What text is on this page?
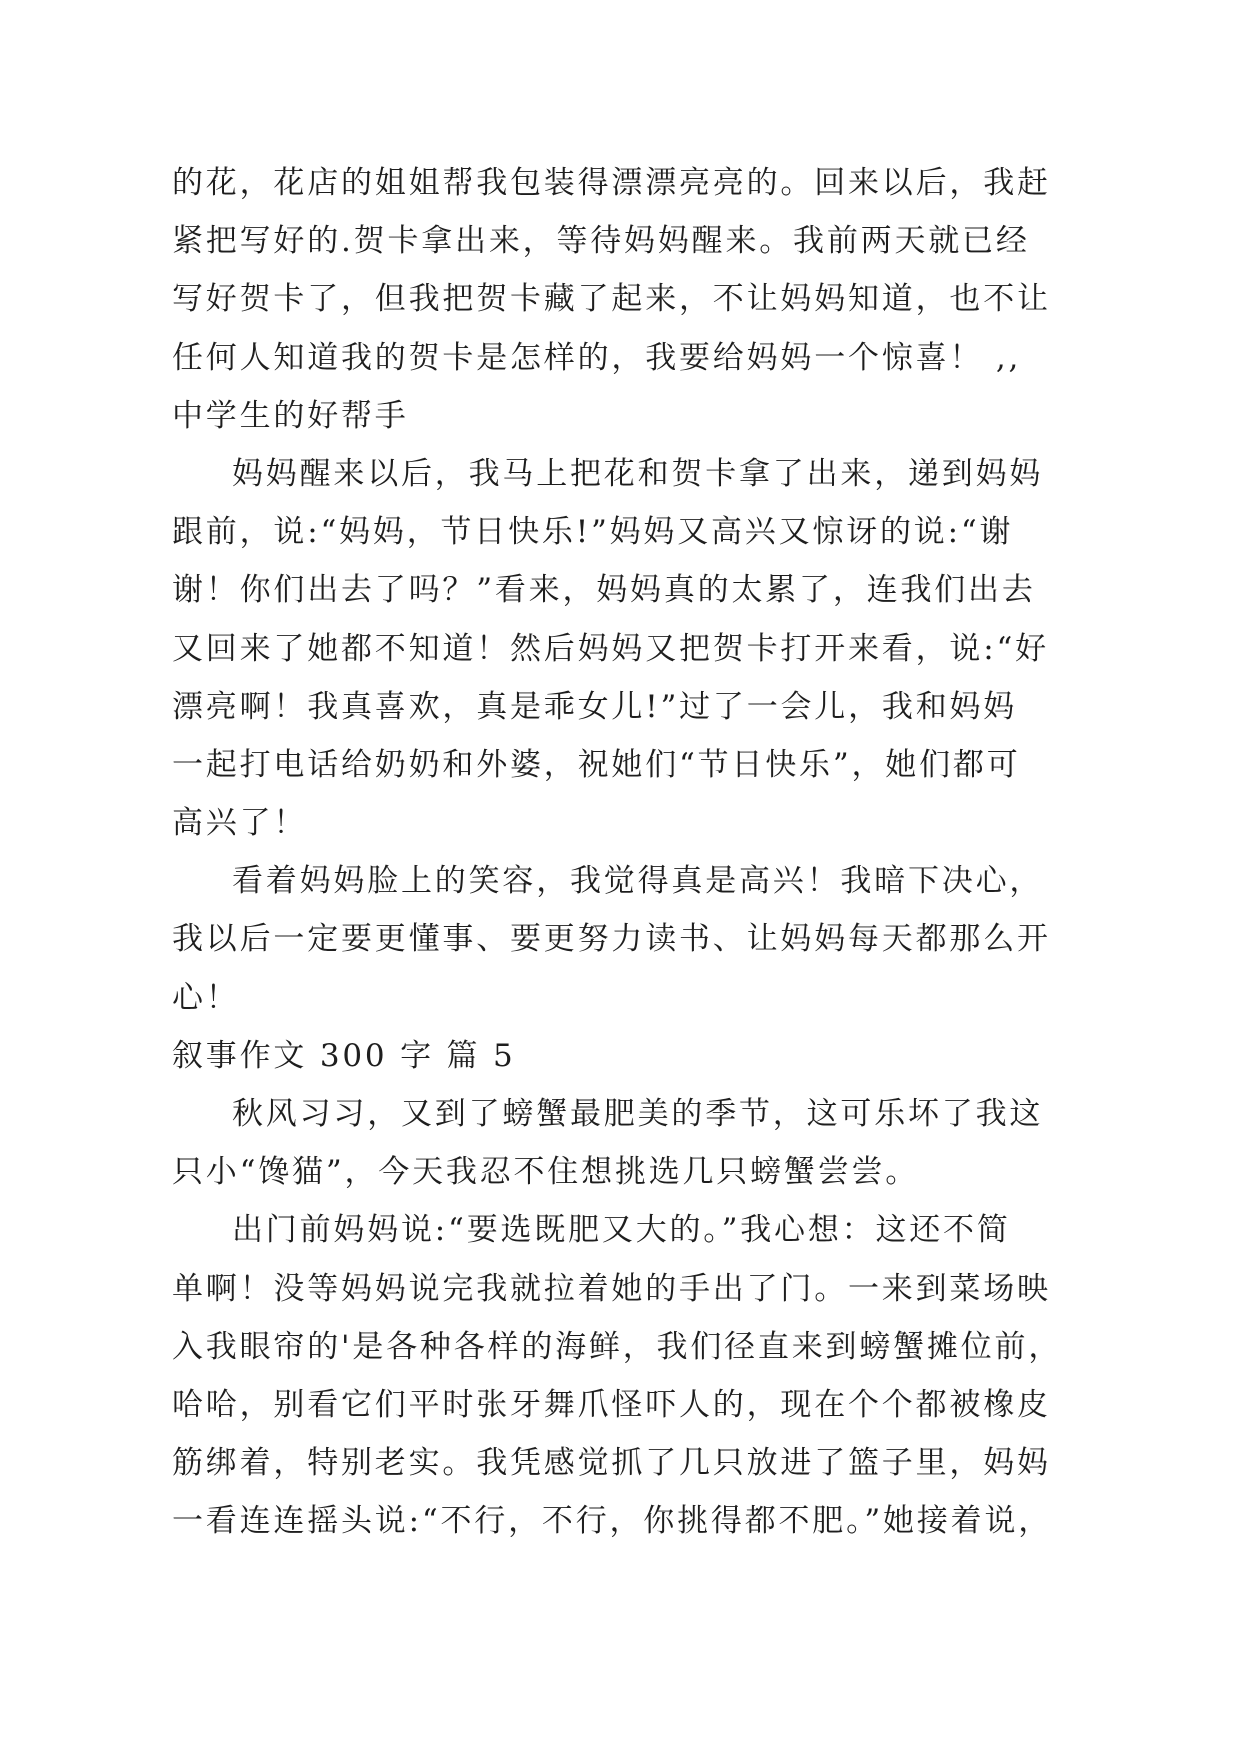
的花，花店的姐姐帮我包装得漂漂亮亮的。回来以后，我赶
紧把写好的.贺卡拿出来，等待妈妈醒来。我前两天就已经
写好贺卡了，但我把贺卡藏了起来，不让妈妈知道，也不让
任何人知道我的贺卡是怎样的，我要给妈妈一个惊喜！ ,,
中学生的好帮手
妈妈醒来以后，我马上把花和贺卡拿了出来，递到妈妈
跟前，说:“妈妈，节日快乐!”妈妈又高兴又惊讶的说:“谢
谢！你们出去了吗？”看来，妈妈真的太累了，连我们出去
又回来了她都不知道！然后妈妈又把贺卡打开来看，说:“好
漂亮啊！我真喜欢，真是乖女儿!”过了一会儿，我和妈妈
一起打电话给奶奶和外婆，祝她们“节日快乐”，她们都可
高兴了！
看着妈妈脸上的笑容，我觉得真是高兴！我暗下决心，
我以后一定要更懂事、要更努力读书、让妈妈每天都那么开
心！
叙事作文 300 字 篇 5
秋风习习，又到了螃蟹最肥美的季节，这可乐坏了我这
只小“馋猫”，今天我忍不住想挑选几只螃蟹尝尝。
出门前妈妈说:“要选既肥又大的。”我心想：这还不简
单啊！没等妈妈说完我就拉着她的手出了门。一来到菜场映
入我眼帘的'是各种各样的海鲜，我们径直来到螃蟹摊位前，
哈哈，别看它们平时张牙舞爪怪吓人的，现在个个都被橡皮
筋绑着，特别老实。我凭感觉抓了几只放进了篮子里，妈妈
一看连连摇头说:“不行，不行，你挑得都不肥。”她接着说，
